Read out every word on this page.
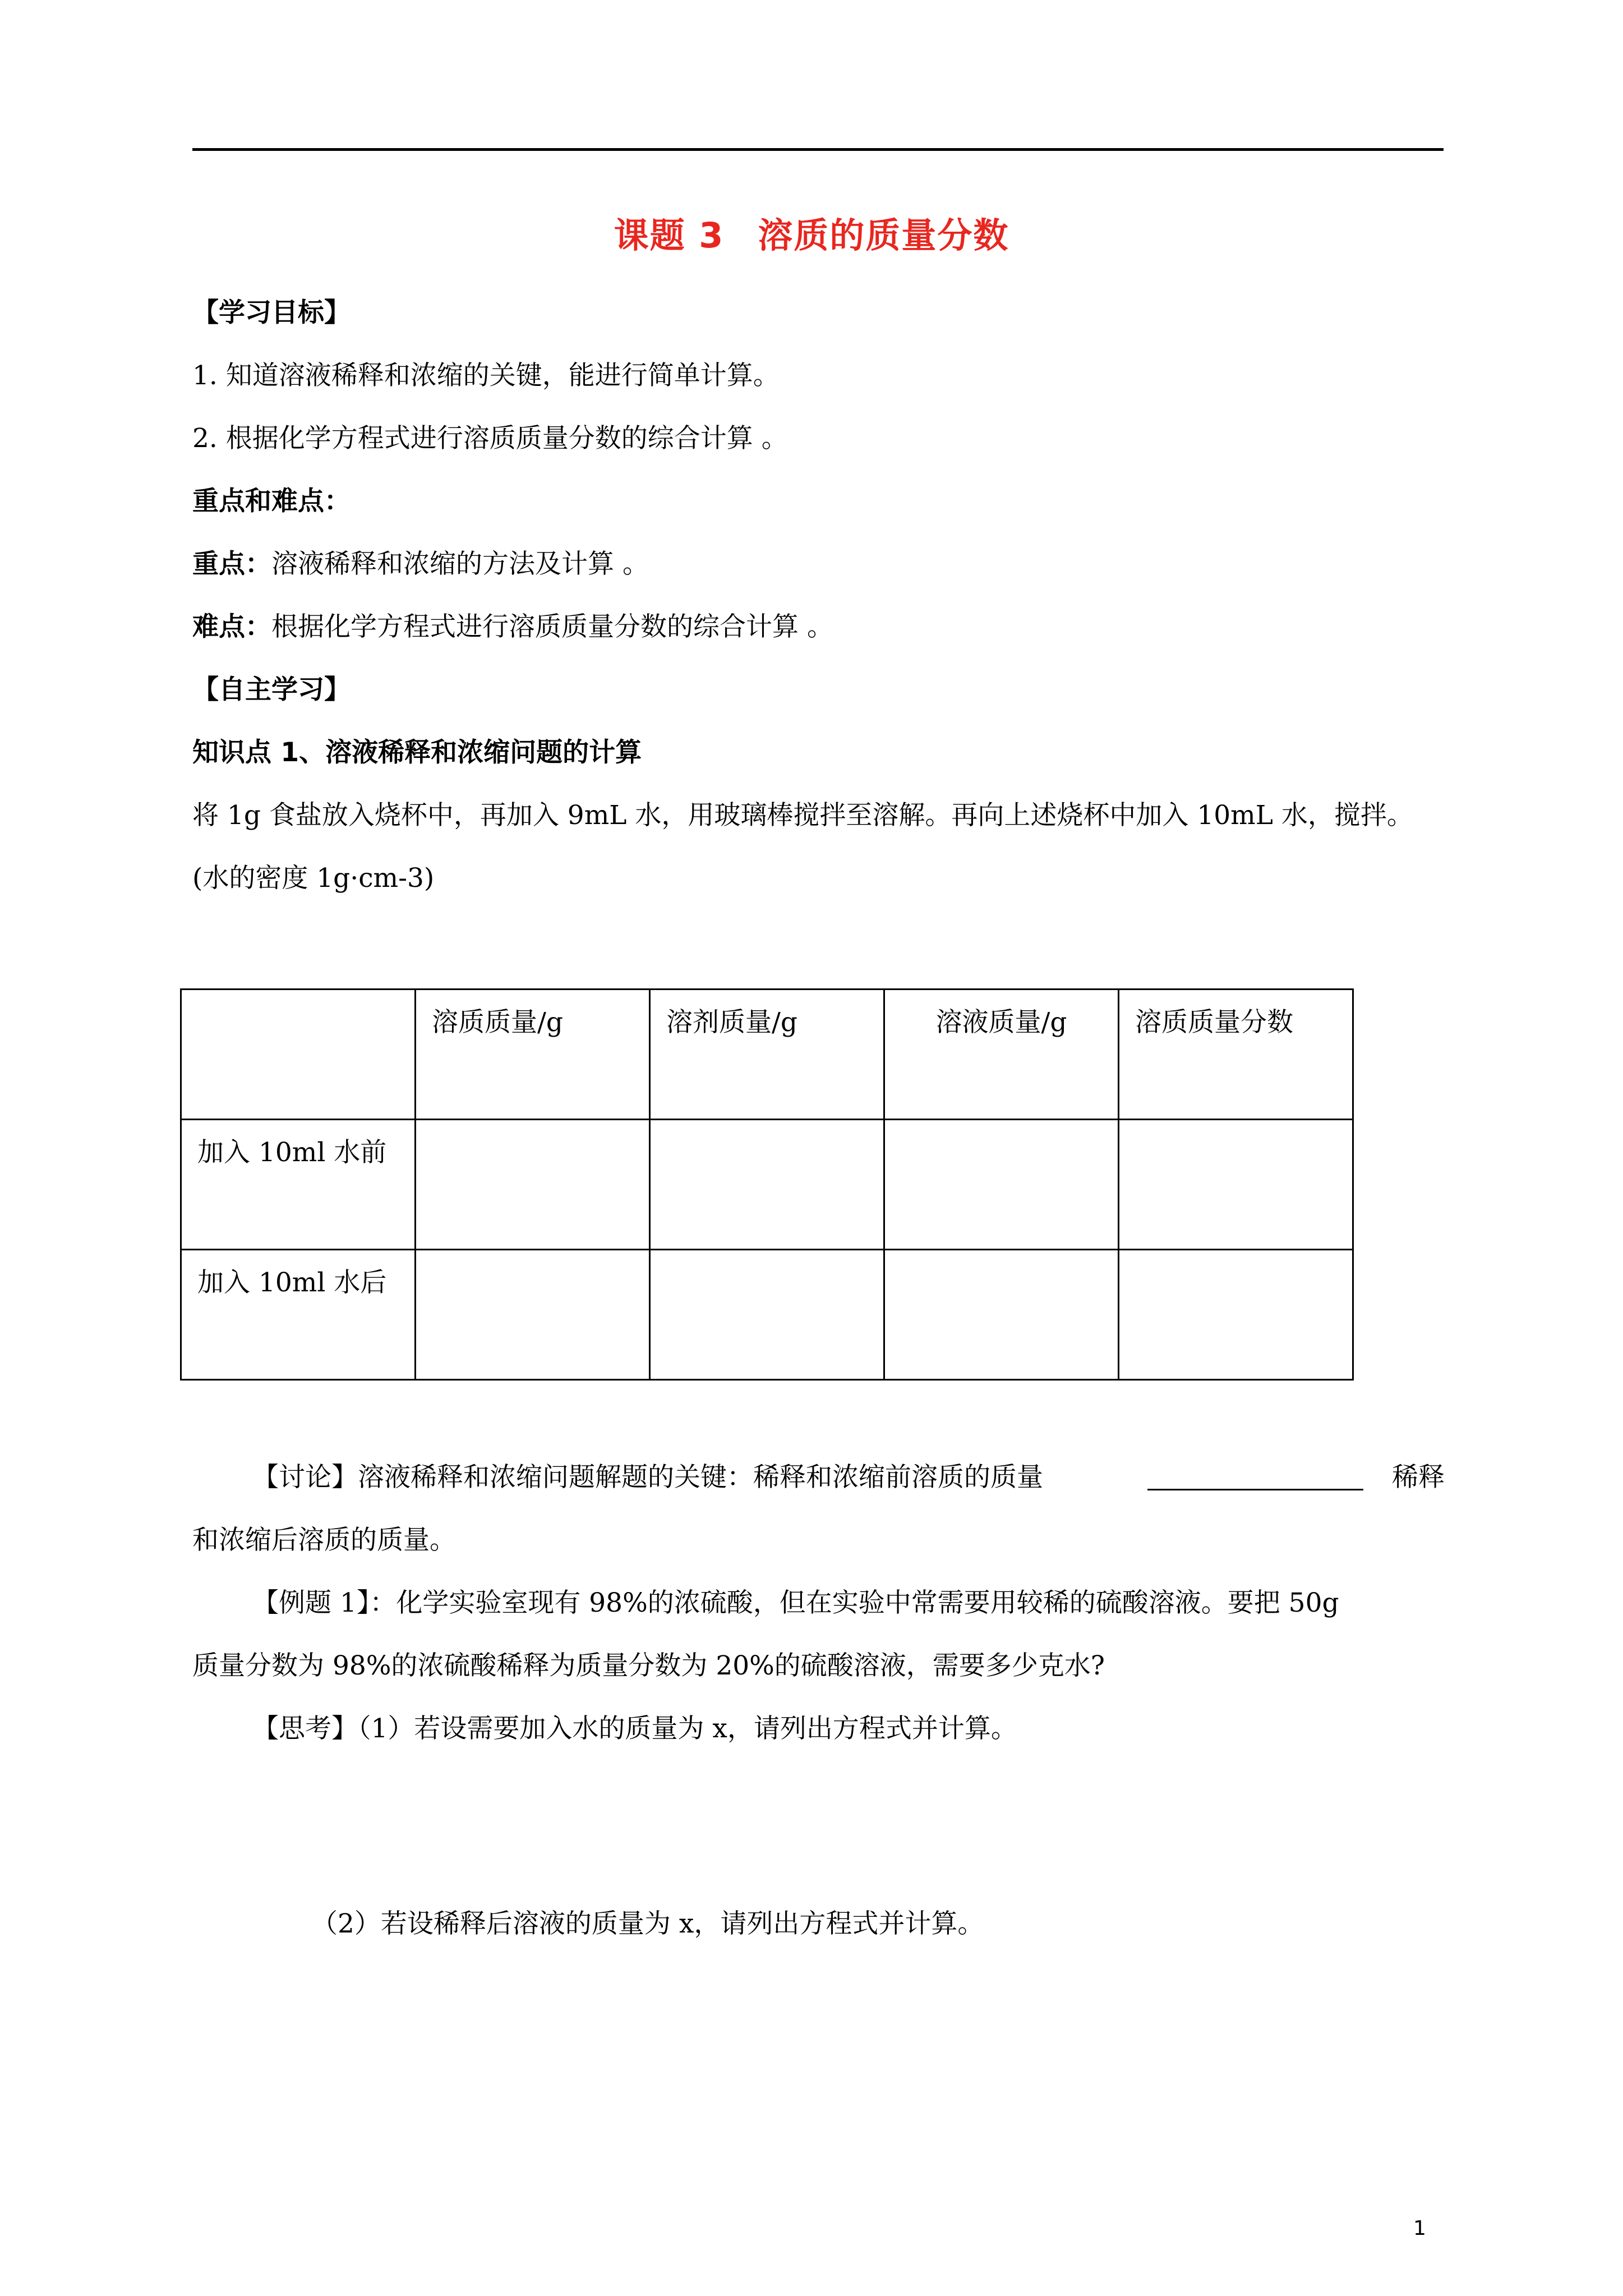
课题 3 溶质的质量分数
【学习目标】
1. 知道溶液稀释和浓缩的关键，能进行简单计算。
2. 根据化学方程式进行溶质质量分数的综合计算 。
重点和难点：
重点：溶液稀释和浓缩的方法及计算 。
难点：根据化学方程式进行溶质质量分数的综合计算 。
【自主学习】
知识点 1、溶液稀释和浓缩问题的计算
将 1g 食盐放入烧杯中，再加入 9mL 水，用玻璃棒搅拌至溶解。再向上述烧杯中加入 10mL 水，搅拌。
(水的密度 1g·cm-3)
	溶质质量/g	溶剂质量/g	溶液质量/g	溶质质量分数
加入 10ml 水前				
加入 10ml 水后				
【讨论】溶液稀释和浓缩问题解题的关键：稀释和浓缩前溶质的质量	稀释
和浓缩后溶质的质量。
【例题 1】：化学实验室现有 98%的浓硫酸，但在实验中常需要用较稀的硫酸溶液。要把 50g
质量分数为 98%的浓硫酸稀释为质量分数为 20%的硫酸溶液，需要多少克水?
【思考】（1）若设需要加入水的质量为 x，请列出方程式并计算。
（2）若设稀释后溶液的质量为 x，请列出方程式并计算。
1
